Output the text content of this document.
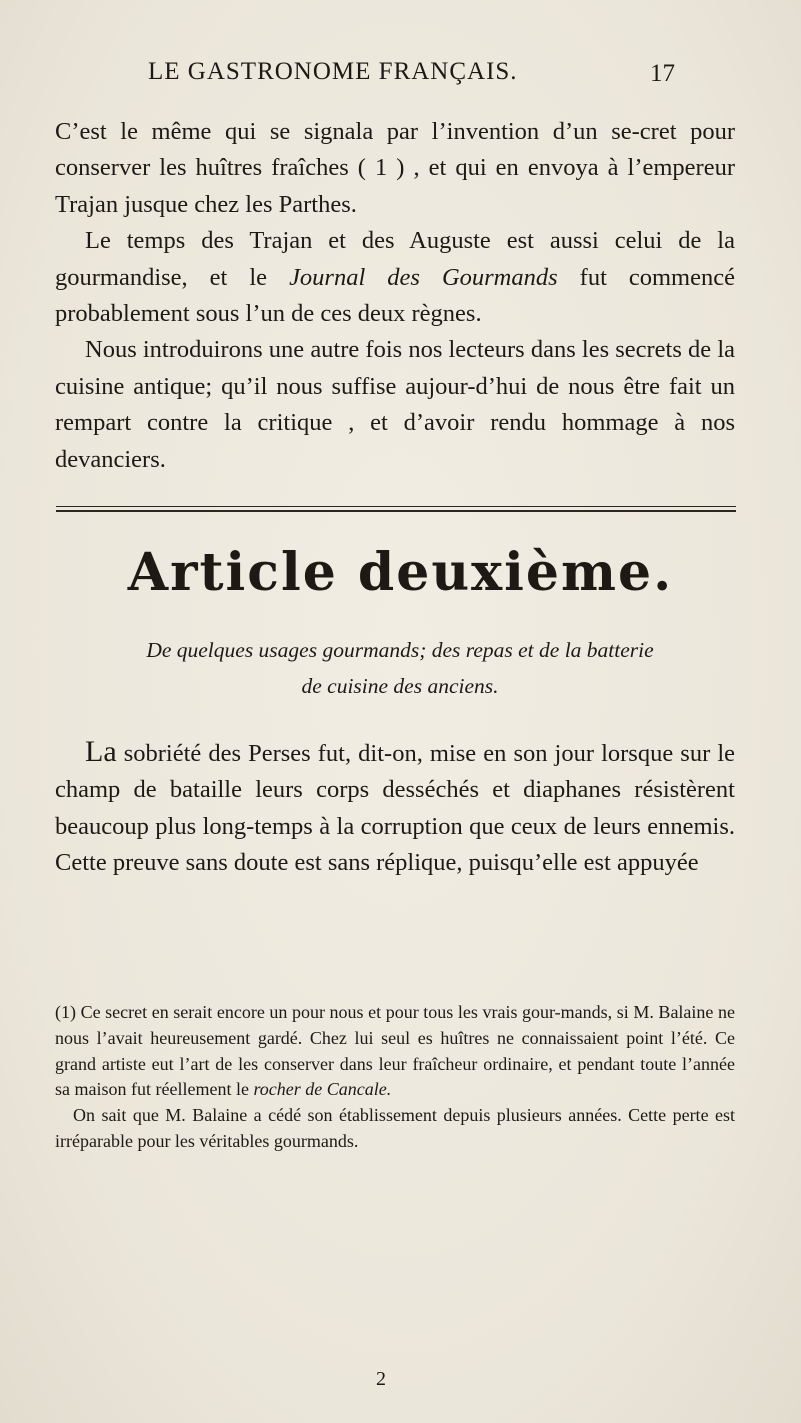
LE GASTRONOME FRANÇAIS.	17

C’est le même qui se signala par l’invention d’un se-cret pour conserver les huîtres fraîches ( 1 ) , et qui en envoya à l’empereur Trajan jusque chez les Parthes.

Le temps des Trajan et des Auguste est aussi celui de la gourmandise, et le Journal des Gourmands fut commencé probablement sous l’un de ces deux règnes.

Nous introduirons une autre fois nos lecteurs dans les secrets de la cuisine antique; qu’il nous suffise aujour-d’hui de nous être fait un rempart contre la critique , et d’avoir rendu hommage à nos devanciers.

Article deuxième.
De quelques usages gourmands; des repas et de la batterie
de cuisine des anciens.

La sobriété des Perses fut, dit-on, mise en son jour lorsque sur le champ de bataille leurs corps desséchés et diaphanes résistèrent beaucoup plus long-temps à la corruption que ceux de leurs ennemis. Cette preuve sans doute est sans réplique, puisqu’elle est appuyée

(1) Ce secret en serait encore un pour nous et pour tous les vrais gour-mands, si M. Balaine ne nous l’avait heureusement gardé. Chez lui seul es huîtres ne connaissaient point l’été. Ce grand artiste eut l’art de les conserver dans leur fraîcheur ordinaire, et pendant toute l’année sa maison fut réellement le rocher de Cancale.

On sait que M. Balaine a cédé son établissement depuis plusieurs années. Cette perte est irréparable pour les véritables gourmands.

2
